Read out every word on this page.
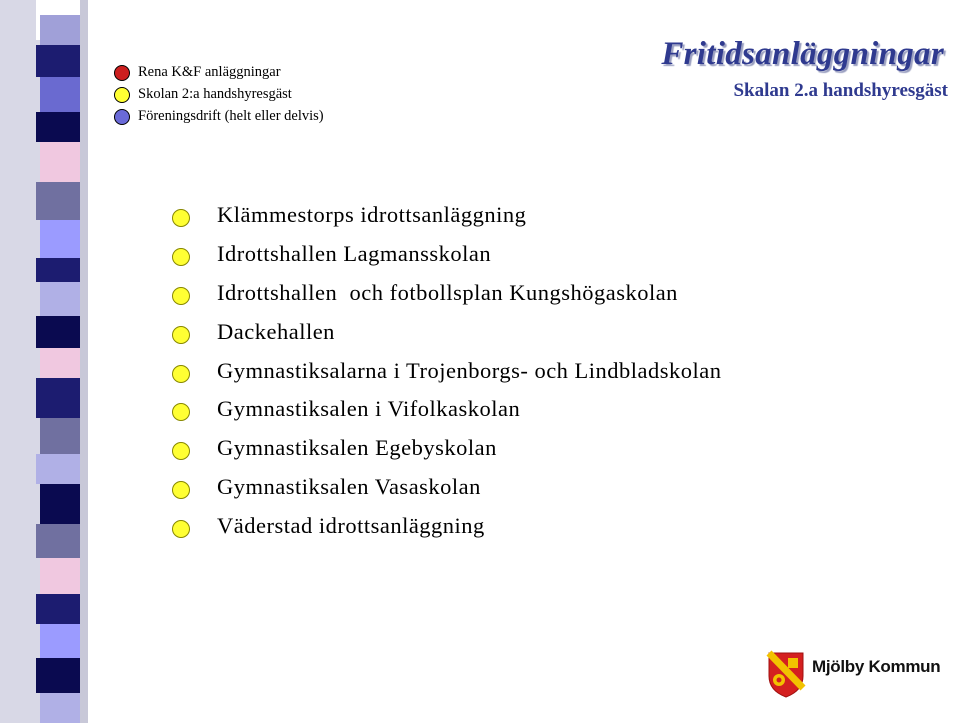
Rena K&F anläggningar
Skolan 2:a handshyresgäst
Föreningsdrift (helt eller delvis)
Fritidsanläggningar
Skalan 2.a handshyresgäst
Klämmestorps idrottsanläggning
Idrottshallen Lagmansskolan
Idrottshallen  och fotbollsplan Kungshögaskolan
Dackehallen
Gymnastiksalarna i Trojenborgs- och Lindbladskolan
Gymnastiksalen i Vifolkaskolan
Gymnastiksalen Egebyskolan
Gymnastiksalen Vasaskolan
Väderstad idrottsanläggning
Mjölby Kommun
